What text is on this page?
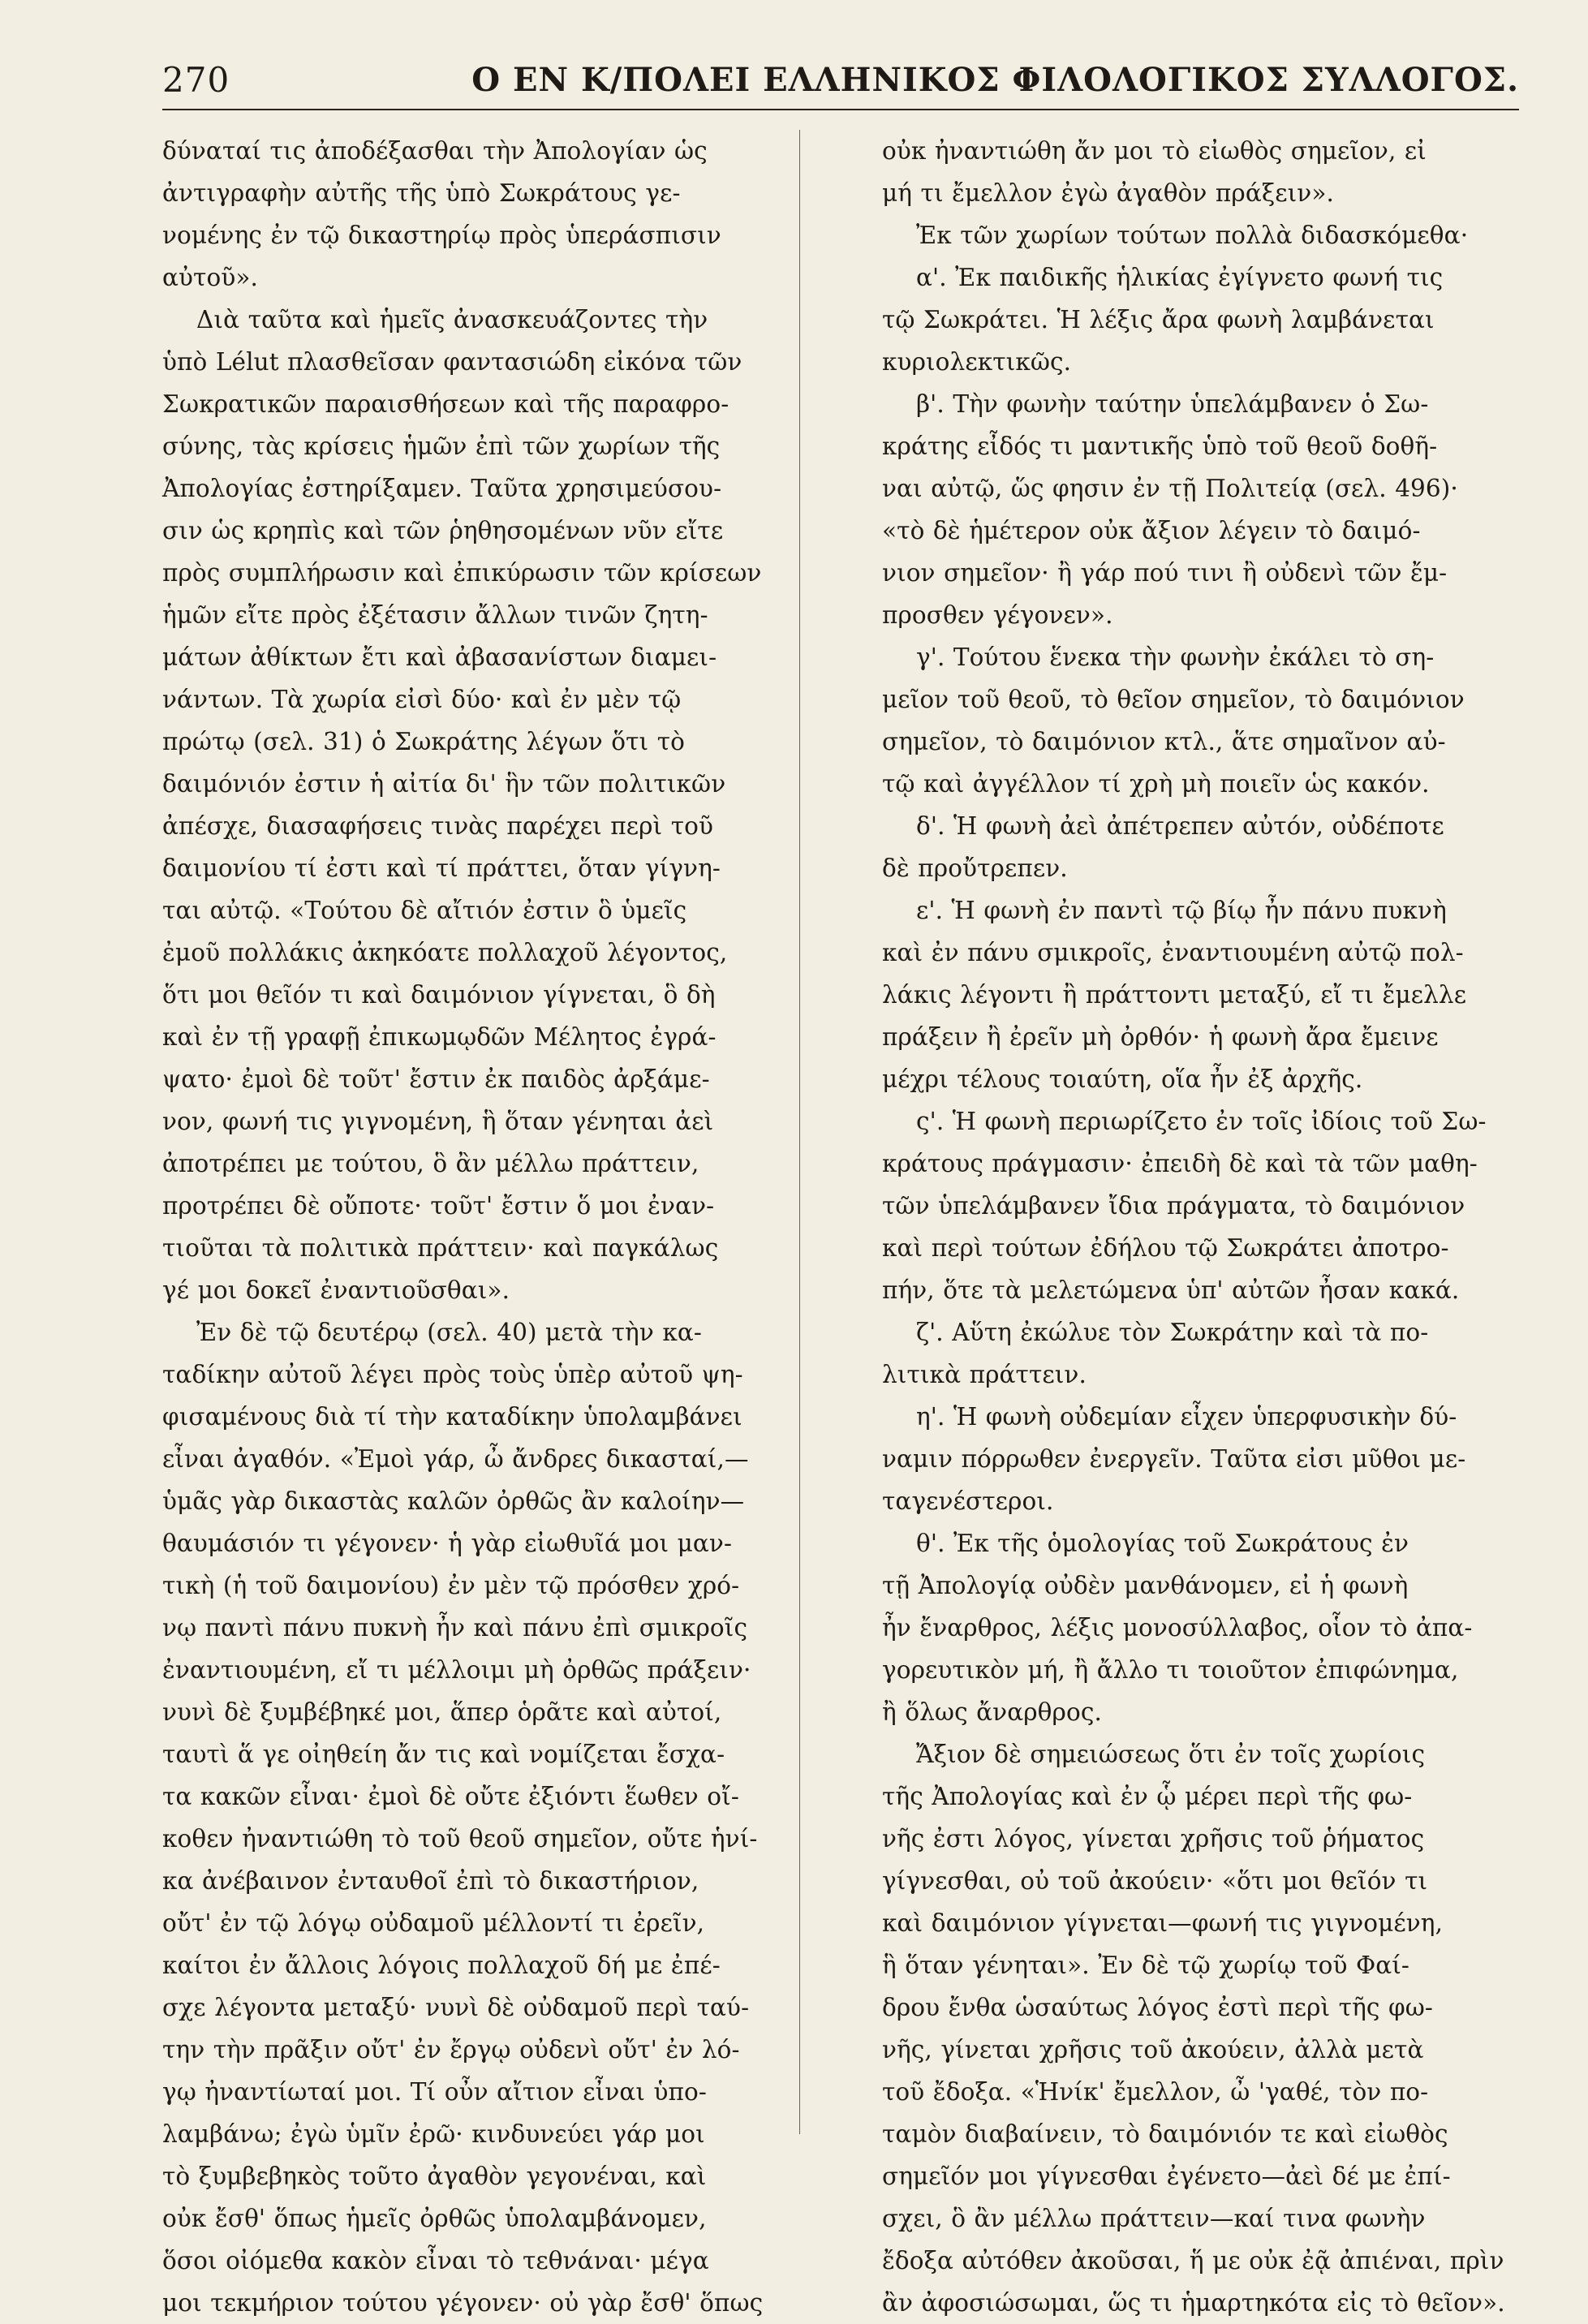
270	Ο ΕΝ Κ/ΠΟΛΕΙ ΕΛΛΗΝΙΚΟΣ ΦΙΛΟΛΟΓΙΚΟΣ ΣΥΛΛΟΓΟΣ.
δύναταί τις ἀποδέξασθαι τὴν Ἀπολογίαν ὡς
ἀντιγραφὴν αὐτῆς τῆς ὑπὸ Σωκράτους γε-
νομένης ἐν τῷ δικαστηρίῳ πρὸς ὑπεράσπισιν
αὐτοῦ».
Διὰ ταῦτα καὶ ἡμεῖς ἀνασκευάζοντες τὴν
ὑπὸ Lélut πλασθεῖσαν φαντασιώδη εἰκόνα τῶν
Σωκρατικῶν παραισθήσεων καὶ τῆς παραφρο-
σύνης, τὰς κρίσεις ἡμῶν ἐπὶ τῶν χωρίων τῆς
Ἀπολογίας ἐστηρίξαμεν. Ταῦτα χρησιμεύσου-
σιν ὡς κρηπὶς καὶ τῶν ῥηθησομένων νῦν εἴτε
πρὸς συμπλήρωσιν καὶ ἐπικύρωσιν τῶν κρίσεων
ἡμῶν εἴτε πρὸς ἐξέτασιν ἄλλων τινῶν ζητη-
μάτων ἀθίκτων ἔτι καὶ ἀβασανίστων διαμει-
νάντων. Τὰ χωρία εἰσὶ δύο· καὶ ἐν μὲν τῷ
πρώτῳ (σελ. 31) ὁ Σωκράτης λέγων ὅτι τὸ
δαιμόνιόν ἐστιν ἡ αἰτία δι' ἣν τῶν πολιτικῶν
ἀπέσχε, διασαφήσεις τινὰς παρέχει περὶ τοῦ
δαιμονίου τί ἐστι καὶ τί πράττει, ὅταν γίγνη-
ται αὐτῷ. «Τούτου δὲ αἴτιόν ἐστιν ὃ ὑμεῖς
ἐμοῦ πολλάκις ἀκηκόατε πολλαχοῦ λέγοντος,
ὅτι μοι θεῖόν τι καὶ δαιμόνιον γίγνεται, ὃ δὴ
καὶ ἐν τῇ γραφῇ ἐπικωμῳδῶν Μέλητος ἐγρά-
ψατο· ἐμοὶ δὲ τοῦτ' ἔστιν ἐκ παιδὸς ἀρξάμε-
νον, φωνή τις γιγνομένη, ἣ ὅταν γένηται ἀεὶ
ἀποτρέπει με τούτου, ὃ ἂν μέλλω πράττειν,
προτρέπει δὲ οὔποτε· τοῦτ' ἔστιν ὅ μοι ἐναν-
τιοῦται τὰ πολιτικὰ πράττειν· καὶ παγκάλως
γέ μοι δοκεῖ ἐναντιοῦσθαι».
Ἐν δὲ τῷ δευτέρῳ (σελ. 40) μετὰ τὴν κα-
ταδίκην αὐτοῦ λέγει πρὸς τοὺς ὑπὲρ αὐτοῦ ψη-
φισαμένους διὰ τί τὴν καταδίκην ὑπολαμβάνει
εἶναι ἀγαθόν. «Ἐμοὶ γάρ, ὦ ἄνδρες δικασταί,—
ὑμᾶς γὰρ δικαστὰς καλῶν ὀρθῶς ἂν καλοίην—
θαυμάσιόν τι γέγονεν· ἡ γὰρ εἰωθυῖά μοι μαν-
τικὴ (ἡ τοῦ δαιμονίου) ἐν μὲν τῷ πρόσθεν χρό-
νῳ παντὶ πάνυ πυκνὴ ἦν καὶ πάνυ ἐπὶ σμικροῖς
ἐναντιουμένη, εἴ τι μέλλοιμι μὴ ὀρθῶς πράξειν·
νυνὶ δὲ ξυμβέβηκέ μοι, ἅπερ ὁρᾶτε καὶ αὐτοί,
ταυτὶ ἅ γε οἰηθείη ἄν τις καὶ νομίζεται ἔσχα-
τα κακῶν εἶναι· ἐμοὶ δὲ οὔτε ἐξιόντι ἕωθεν οἴ-
κοθεν ἠναντιώθη τὸ τοῦ θεοῦ σημεῖον, οὔτε ἡνί-
κα ἀνέβαινον ἐνταυθοῖ ἐπὶ τὸ δικαστήριον,
οὔτ' ἐν τῷ λόγῳ οὐδαμοῦ μέλλοντί τι ἐρεῖν,
καίτοι ἐν ἄλλοις λόγοις πολλαχοῦ δή με ἐπέ-
σχε λέγοντα μεταξύ· νυνὶ δὲ οὐδαμοῦ περὶ ταύ-
την τὴν πρᾶξιν οὔτ' ἐν ἔργῳ οὐδενὶ οὔτ' ἐν λό-
γῳ ἠναντίωταί μοι. Τί οὖν αἴτιον εἶναι ὑπο-
λαμβάνω; ἐγὼ ὑμῖν ἐρῶ· κινδυνεύει γάρ μοι
τὸ ξυμβεβηκὸς τοῦτο ἀγαθὸν γεγονέναι, καὶ
οὐκ ἔσθ' ὅπως ἡμεῖς ὀρθῶς ὑπολαμβάνομεν,
ὅσοι οἰόμεθα κακὸν εἶναι τὸ τεθνάναι· μέγα
μοι τεκμήριον τούτου γέγονεν· οὐ γὰρ ἔσθ' ὅπως
οὐκ ἠναντιώθη ἄν μοι τὸ εἰωθὸς σημεῖον, εἰ
μή τι ἔμελλον ἐγὼ ἀγαθὸν πράξειν».
Ἐκ τῶν χωρίων τούτων πολλὰ διδασκόμεθα·
α'. Ἐκ παιδικῆς ἡλικίας ἐγίγνετο φωνή τις
τῷ Σωκράτει. Ἡ λέξις ἄρα φωνὴ λαμβάνεται
κυριολεκτικῶς.
β'. Τὴν φωνὴν ταύτην ὑπελάμβανεν ὁ Σω-
κράτης εἶδός τι μαντικῆς ὑπὸ τοῦ θεοῦ δοθῆ-
ναι αὐτῷ, ὥς φησιν ἐν τῇ Πολιτείᾳ (σελ. 496)·
«τὸ δὲ ἡμέτερον οὐκ ἄξιον λέγειν τὸ δαιμό-
νιον σημεῖον· ἢ γάρ πού τινι ἢ οὐδενὶ τῶν ἔμ-
προσθεν γέγονεν».
γ'. Τούτου ἕνεκα τὴν φωνὴν ἐκάλει τὸ ση-
μεῖον τοῦ θεοῦ, τὸ θεῖον σημεῖον, τὸ δαιμόνιον
σημεῖον, τὸ δαιμόνιον κτλ., ἅτε σημαῖνον αὐ-
τῷ καὶ ἀγγέλλον τί χρὴ μὴ ποιεῖν ὡς κακόν.
δ'. Ἡ φωνὴ ἀεὶ ἀπέτρεπεν αὐτόν, οὐδέποτε
δὲ προὔτρεπεν.
ε'. Ἡ φωνὴ ἐν παντὶ τῷ βίῳ ἦν πάνυ πυκνὴ
καὶ ἐν πάνυ σμικροῖς, ἐναντιουμένη αὐτῷ πολ-
λάκις λέγοντι ἢ πράττοντι μεταξύ, εἴ τι ἔμελλε
πράξειν ἢ ἐρεῖν μὴ ὀρθόν· ἡ φωνὴ ἄρα ἔμεινε
μέχρι τέλους τοιαύτη, οἵα ἦν ἐξ ἀρχῆς.
ς'. Ἡ φωνὴ περιωρίζετο ἐν τοῖς ἰδίοις τοῦ Σω-
κράτους πράγμασιν· ἐπειδὴ δὲ καὶ τὰ τῶν μαθη-
τῶν ὑπελάμβανεν ἴδια πράγματα, τὸ δαιμόνιον
καὶ περὶ τούτων ἐδήλου τῷ Σωκράτει ἀποτρο-
πήν, ὅτε τὰ μελετώμενα ὑπ' αὐτῶν ἦσαν κακά.
ζ'. Αὕτη ἐκώλυε τὸν Σωκράτην καὶ τὰ πο-
λιτικὰ πράττειν.
η'. Ἡ φωνὴ οὐδεμίαν εἶχεν ὑπερφυσικὴν δύ-
ναμιν πόρρωθεν ἐνεργεῖν. Ταῦτα εἰσι μῦθοι με-
ταγενέστεροι.
θ'. Ἐκ τῆς ὁμολογίας τοῦ Σωκράτους ἐν
τῇ Ἀπολογίᾳ οὐδὲν μανθάνομεν, εἰ ἡ φωνὴ
ἦν ἔναρθρος, λέξις μονοσύλλαβος, οἷον τὸ ἀπα-
γορευτικὸν μή, ἢ ἄλλο τι τοιοῦτον ἐπιφώνημα,
ἢ ὅλως ἄναρθρος.
Ἄξιον δὲ σημειώσεως ὅτι ἐν τοῖς χωρίοις
τῆς Ἀπολογίας καὶ ἐν ᾧ μέρει περὶ τῆς φω-
νῆς ἐστι λόγος, γίνεται χρῆσις τοῦ ῥήματος
γίγνεσθαι, οὐ τοῦ ἀκούειν· «ὅτι μοι θεῖόν τι
καὶ δαιμόνιον γίγνεται—φωνή τις γιγνομένη,
ἣ ὅταν γένηται». Ἐν δὲ τῷ χωρίῳ τοῦ Φαί-
δρου ἔνθα ὡσαύτως λόγος ἐστὶ περὶ τῆς φω-
νῆς, γίνεται χρῆσις τοῦ ἀκούειν, ἀλλὰ μετὰ
τοῦ ἔδοξα. «Ἡνίκ' ἔμελλον, ὦ 'γαθέ, τὸν πο-
ταμὸν διαβαίνειν, τὸ δαιμόνιόν τε καὶ εἰωθὸς
σημεῖόν μοι γίγνεσθαι ἐγένετο—ἀεὶ δέ με ἐπί-
σχει, ὃ ἂν μέλλω πράττειν—καί τινα φωνὴν
ἔδοξα αὐτόθεν ἀκοῦσαι, ἥ με οὐκ ἐᾷ ἀπιέναι, πρὶν
ἂν ἀφοσιώσωμαι, ὥς τι ἡμαρτηκότα εἰς τὸ θεῖον».
